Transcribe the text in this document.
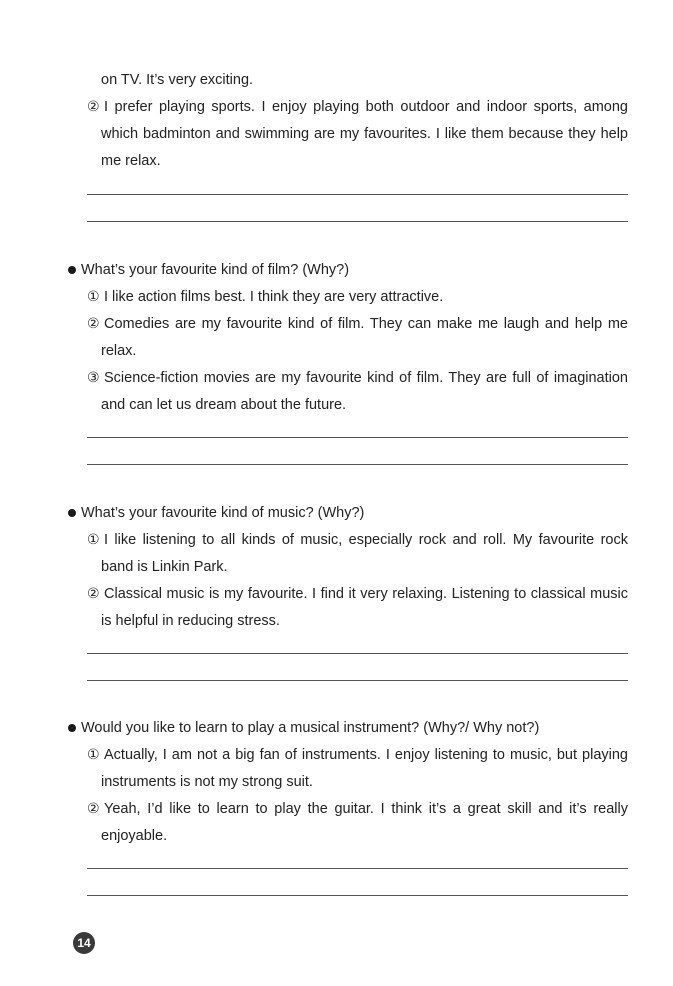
on TV. It’s very exciting.
② I prefer playing sports. I enjoy playing both outdoor and indoor sports, among
which badminton and swimming are my favourites. I like them because they help
me relax.
What’s your favourite kind of film? (Why?)
① I like action films best. I think they are very attractive.
② Comedies are my favourite kind of film. They can make me laugh and help me
relax.
③ Science-fiction movies are my favourite kind of film. They are full of imagination
and can let us dream about the future.
What’s your favourite kind of music? (Why?)
① I like listening to all kinds of music, especially rock and roll. My favourite rock
band is Linkin Park.
② Classical music is my favourite. I find it very relaxing. Listening to classical music
is helpful in reducing stress.
Would you like to learn to play a musical instrument? (Why?/ Why not?)
① Actually, I am not a big fan of instruments. I enjoy listening to music, but playing
instruments is not my strong suit.
② Yeah, I’d like to learn to play the guitar. I think it’s a great skill and it’s really
enjoyable.
14
